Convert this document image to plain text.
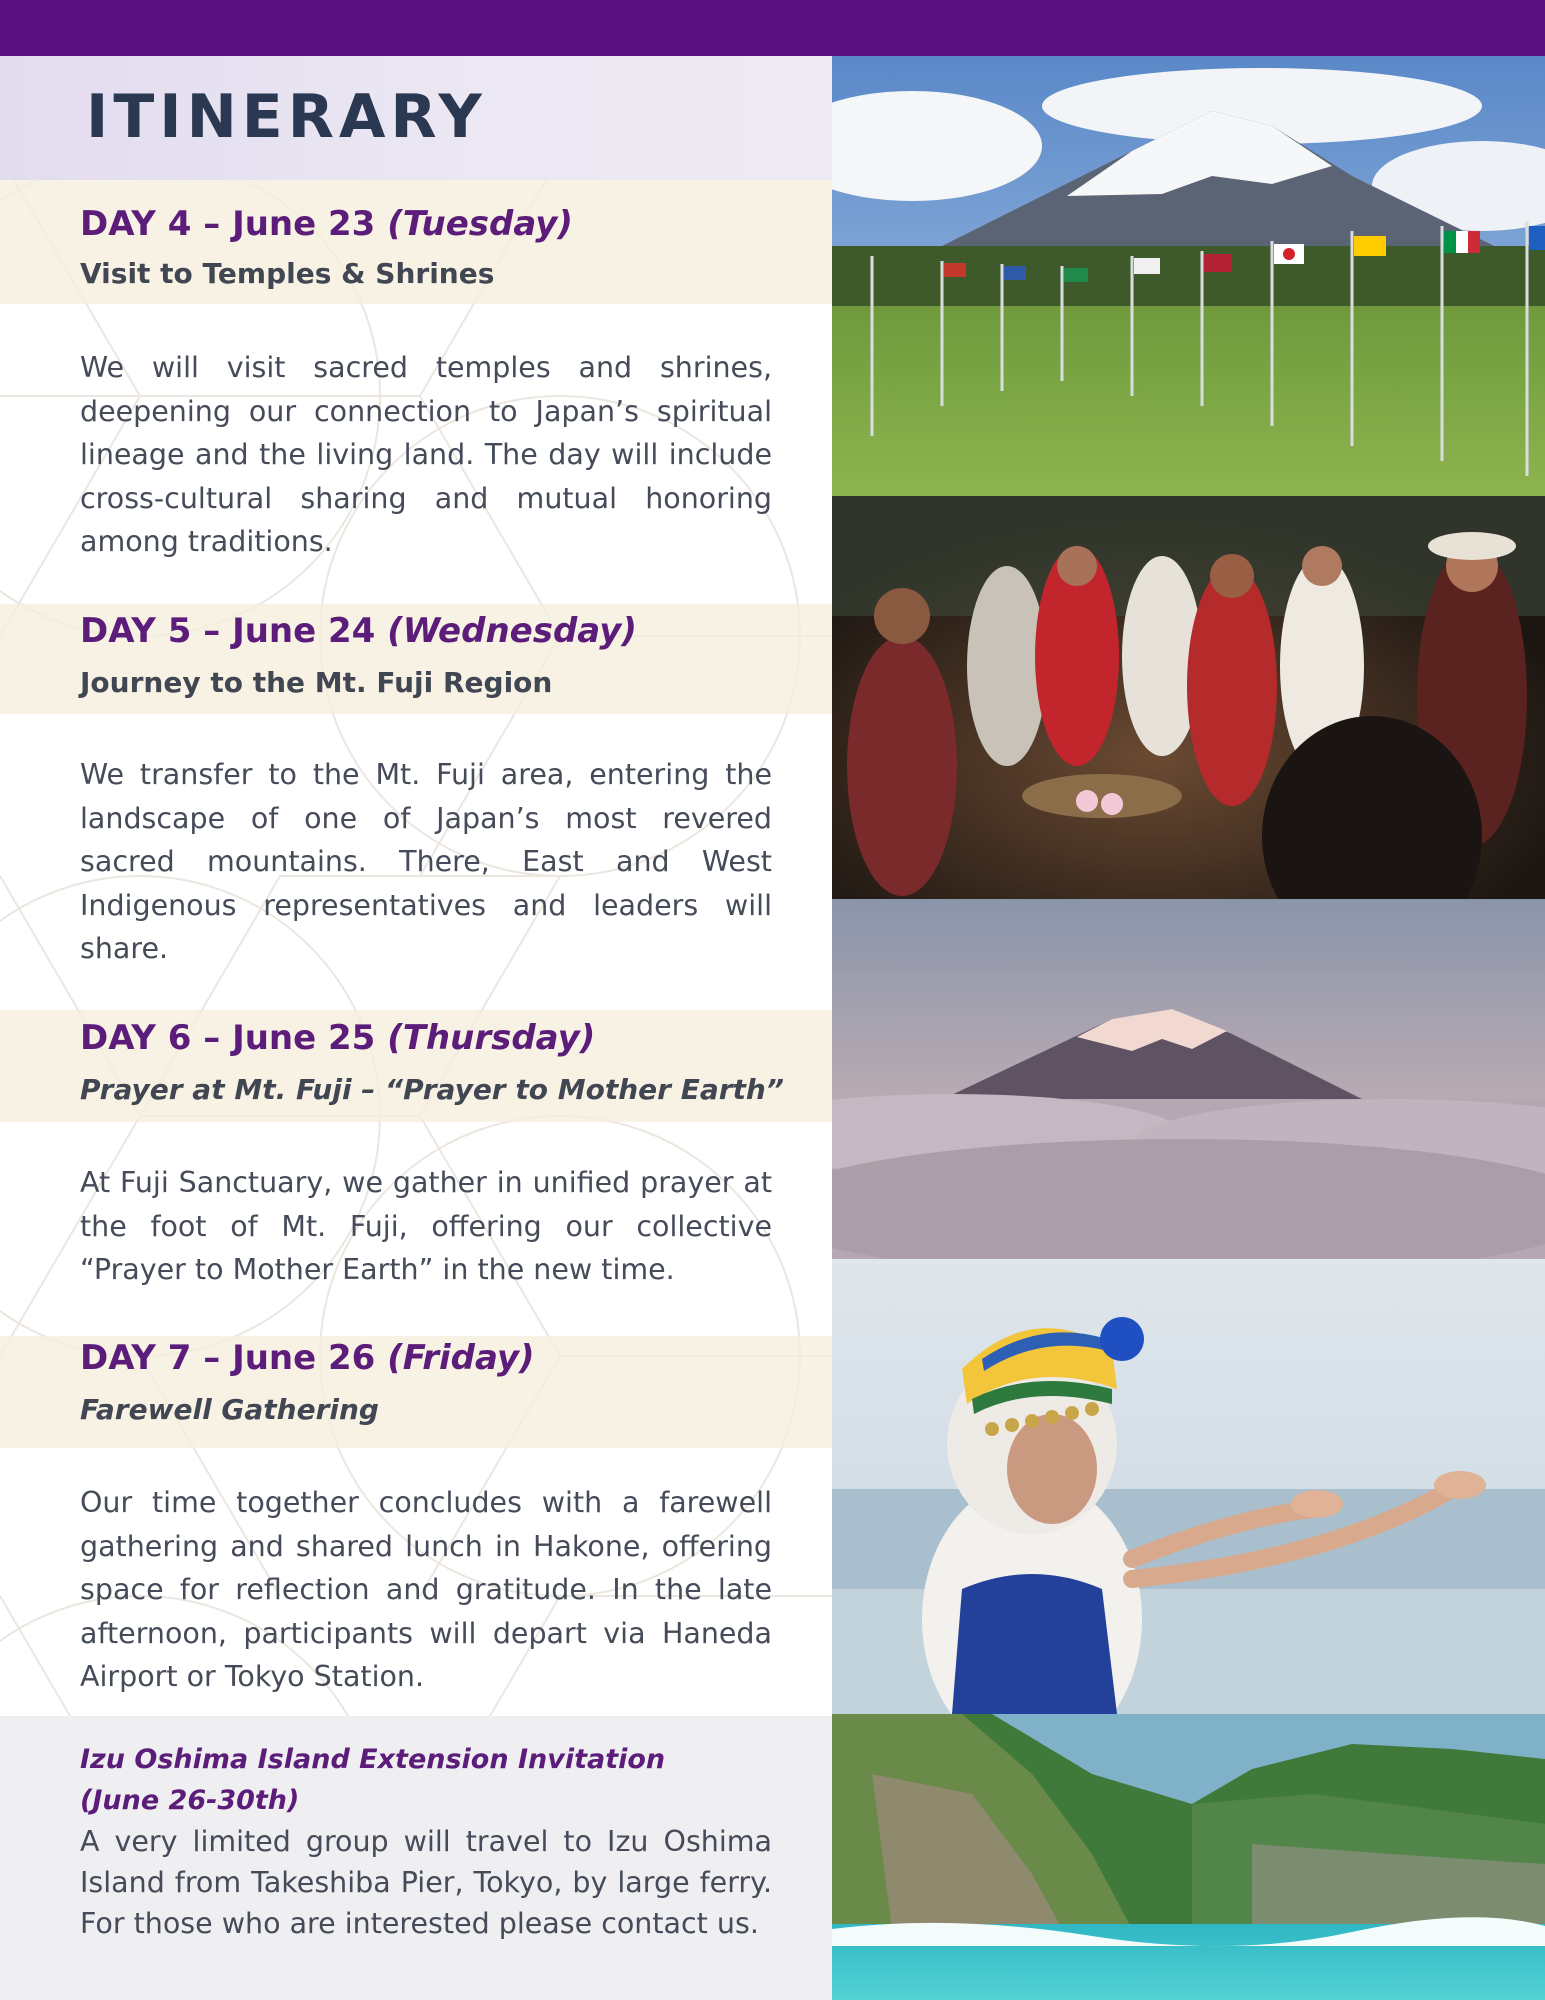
ITINERARY
DAY 4 – June 23 (Tuesday)

Visit to Temples & Shrines

We will visit sacred temples and shrines, deepening our connection to Japan’s spiritual lineage and the living land. The day will include cross-cultural sharing and mutual honoring among traditions.

DAY 5 – June 24 (Wednesday)

Journey to the Mt. Fuji Region

We transfer to the Mt. Fuji area, entering the landscape of one of Japan’s most revered sacred mountains. There, East and West Indigenous representatives and leaders will share.

DAY 6 – June 25 (Thursday)

Prayer at Mt. Fuji – “Prayer to Mother Earth”

At Fuji Sanctuary, we gather in unified prayer at the foot of Mt. Fuji, offering our collective “Prayer to Mother Earth” in the new time.

DAY 7 – June 26 (Friday)

Farewell Gathering

Our time together concludes with a farewell gathering and shared lunch in Hakone, offering space for reflection and gratitude. In the late afternoon, participants will depart via Haneda Airport or Tokyo Station.

Izu Oshima Island Extension Invitation

(June 26-30th)

A very limited group will travel to Izu Oshima Island from Takeshiba Pier, Tokyo, by large ferry. For those who are interested please contact us.
